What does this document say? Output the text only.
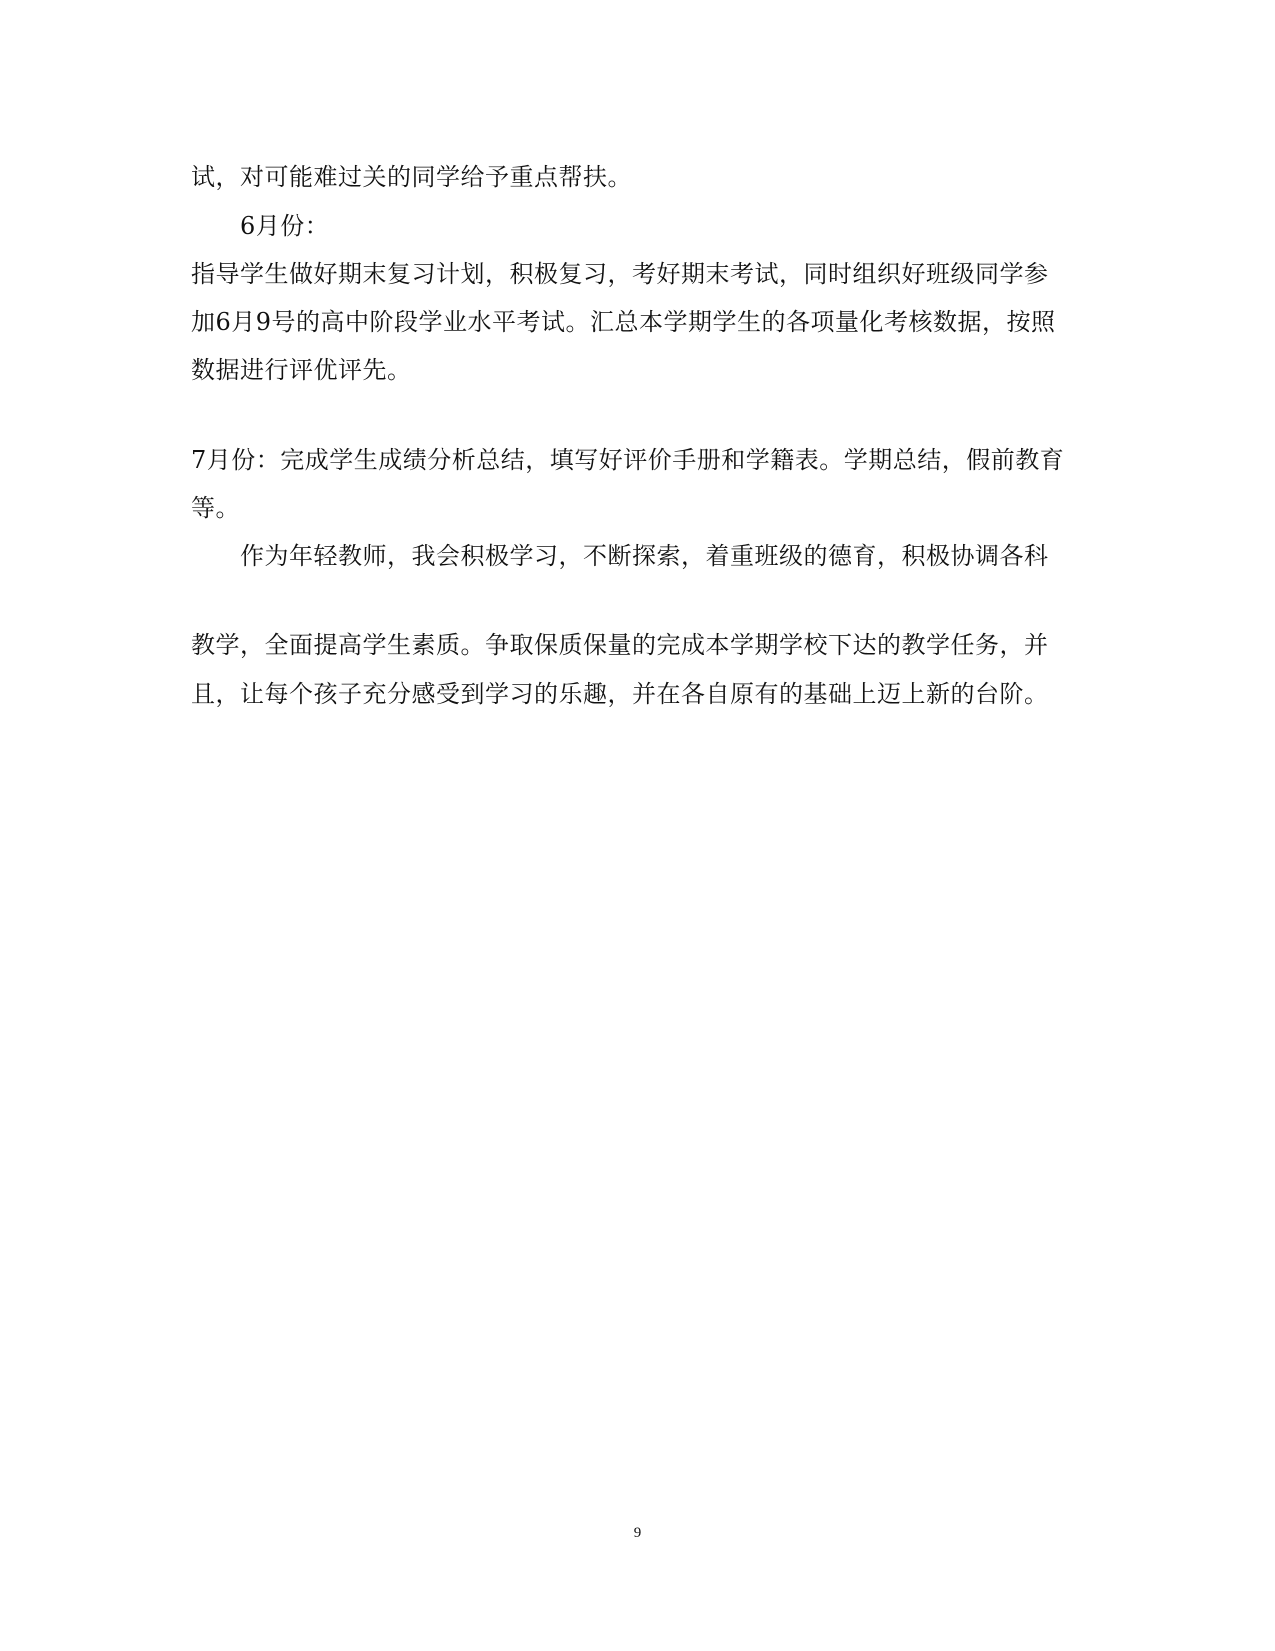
试，对可能难过关的同学给予重点帮扶。
6月份：
指导学生做好期末复习计划，积极复习，考好期末考试，同时组织好班级同学参
加6月9号的高中阶段学业水平考试。汇总本学期学生的各项量化考核数据，按照
数据进行评优评先。
7月份：完成学生成绩分析总结，填写好评价手册和学籍表。学期总结，假前教育
等。
作为年轻教师，我会积极学习，不断探索，着重班级的德育，积极协调各科
教学，全面提高学生素质。争取保质保量的完成本学期学校下达的教学任务，并
且，让每个孩子充分感受到学习的乐趣，并在各自原有的基础上迈上新的台阶。
9
